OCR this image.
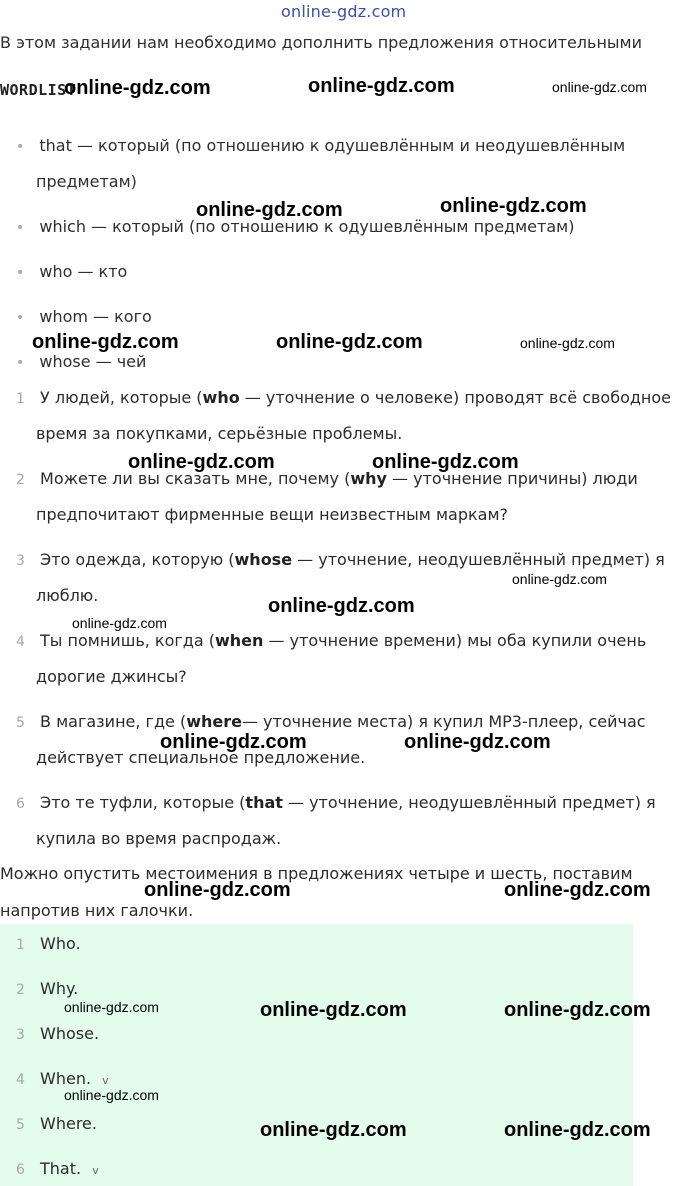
online-gdz.com
В этом задании нам необходимо дополнить предложения относительными
WORDLIST
• that — который (по отношению к одушевлённым и неодушевлённым
предметам)
• which — который (по отношению к одушевлённым предметам)
• who — кто
• whom — кого
• whose — чей
1 У людей, которые (who — уточнение о человеке) проводят всё свободное
время за покупками, серьёзные проблемы.
2 Можете ли вы сказать мне, почему (why — уточнение причины) люди
предпочитают фирменные вещи неизвестным маркам?
3 Это одежда, которую (whose — уточнение, неодушевлённый предмет) я
люблю.
4 Ты помнишь, когда (when — уточнение времени) мы оба купили очень
дорогие джинсы?
5 В магазине, где (where— уточнение места) я купил МР3-плеер, сейчас
действует специальное предложение.
6 Это те туфли, которые (that — уточнение, неодушевлённый предмет) я
купила во время распродаж.
Можно опустить местоимения в предложениях четыре и шесть, поставим
напротив них галочки.
1 Who.
2 Why.
3 Whose.
4 When. v
5 Where.
6 That. v
online-gdz.com	online-gdz.com	online-gdz.com
online-gdz.com	online-gdz.com
online-gdz.com	online-gdz.com	online-gdz.com
online-gdz.com	online-gdz.com
online-gdz.com
online-gdz.com
online-gdz.com
online-gdz.com	online-gdz.com
online-gdz.com	online-gdz.com
online-gdz.com	online-gdz.com	online-gdz.com
online-gdz.com
online-gdz.com	online-gdz.com
